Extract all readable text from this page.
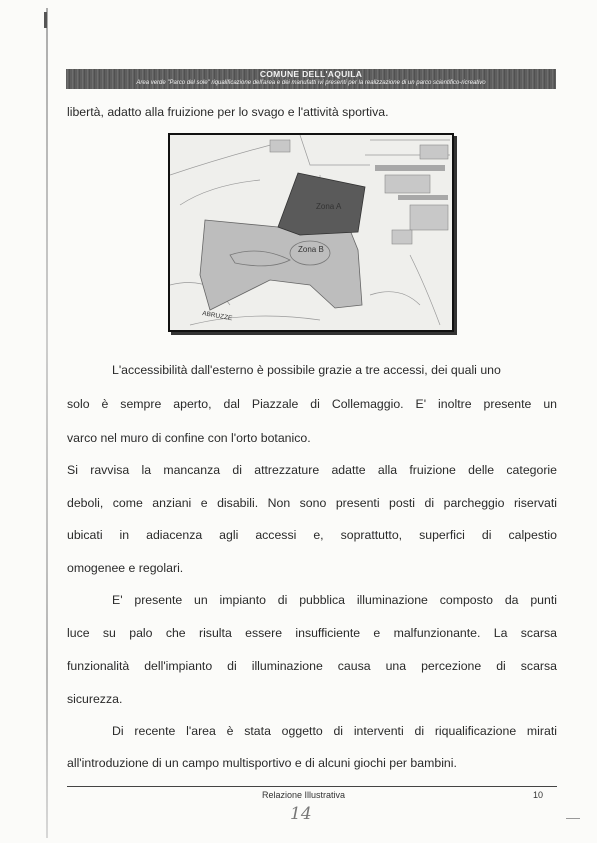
COMUNE DELL'AQUILA
Area verde "Parco del sole" riqualificazione dell'area e dei manufatti ivi presenti per la realizzazione di un parco scientifico-ricreativo
libertà, adatto alla fruizione per lo svago e l'attività sportiva.
Zona A
Zona B
ABRUZZE
L'accessibilità dall'esterno è possibile grazie a tre accessi, dei quali uno
solo è sempre aperto, dal Piazzale di Collemaggio. E' inoltre presente un
varco nel muro di confine con l'orto botanico.
Si ravvisa la mancanza di attrezzature adatte alla fruizione delle categorie
deboli, come anziani e disabili. Non sono presenti posti di parcheggio riservati
ubicati in adiacenza agli accessi e, soprattutto, superfici di calpestio
omogenee e regolari.
E' presente un impianto di pubblica illuminazione composto da punti
luce su palo che risulta essere insufficiente e malfunzionante. La scarsa
funzionalità dell'impianto di illuminazione causa una percezione di scarsa
sicurezza.
Di recente l'area è stata oggetto di interventi di riqualificazione mirati
all'introduzione di un campo multisportivo e di alcuni giochi per bambini.
Relazione Illustrativa	10
14
